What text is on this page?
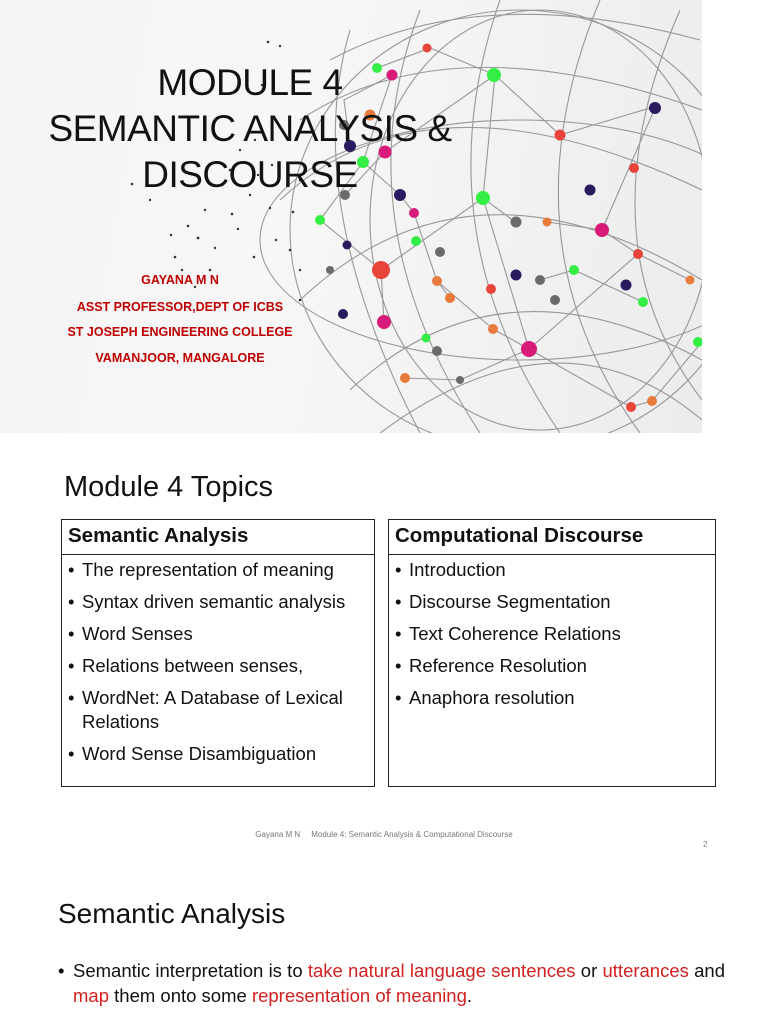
MODULE 4
SEMANTIC ANALYSIS &
DISCOURSE
GAYANA M N
ASST PROFESSOR,DEPT OF ICBS
ST JOSEPH ENGINEERING COLLEGE
VAMANJOOR, MANGALORE
Module 4 Topics
Semantic Analysis
• The representation of meaning
• Syntax driven semantic analysis
• Word Senses
• Relations between senses,
• WordNet: A Database of Lexical Relations
• Word Sense Disambiguation
Computational Discourse
• Introduction
• Discourse Segmentation
• Text Coherence Relations
• Reference Resolution
• Anaphora resolution
Gayana M N     Module 4: Semantic Analysis & Computational Discourse
2
Semantic Analysis
• Semantic interpretation is to take natural language sentences or utterances and map them onto some representation of meaning.
